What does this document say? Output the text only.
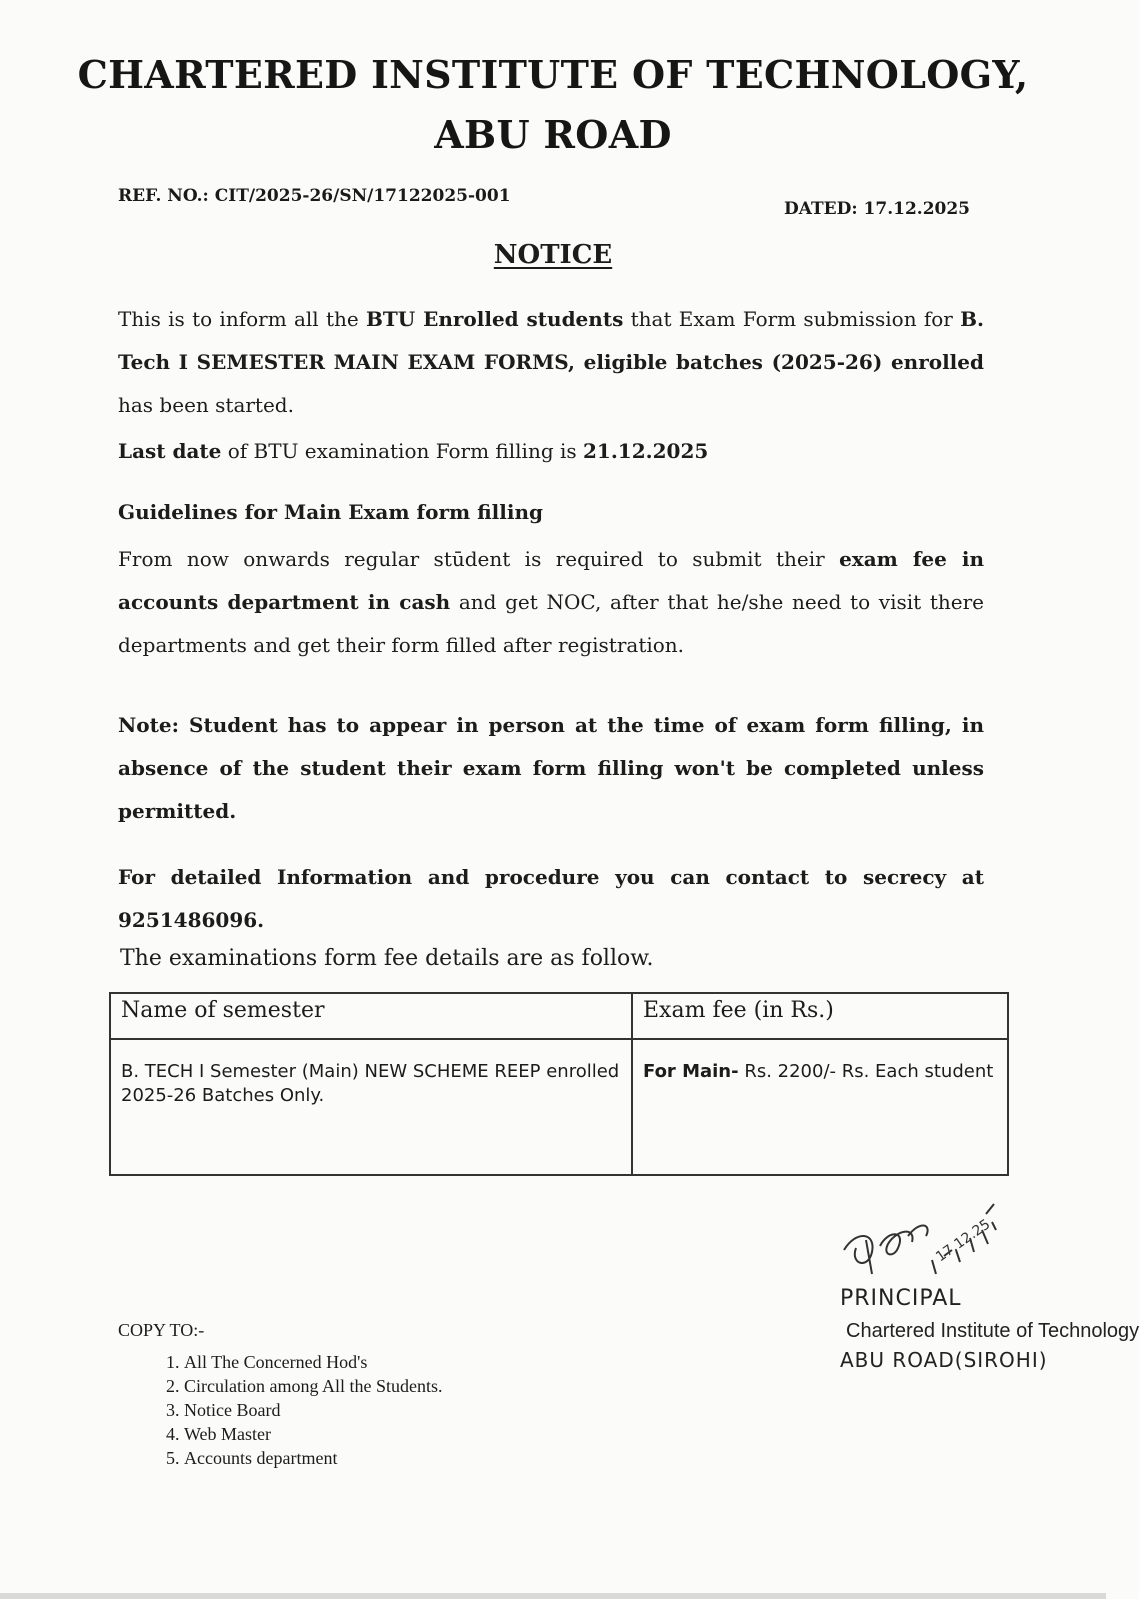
CHARTERED INSTITUTE OF TECHNOLOGY,
ABU ROAD
REF. NO.: CIT/2025-26/SN/17122025-001
DATED: 17.12.2025
NOTICE
This is to inform all the BTU Enrolled students that Exam Form submission for B. Tech I SEMESTER MAIN EXAM FORMS, eligible batches (2025-26) enrolled has been started.
Last date of BTU examination Form filling is 21.12.2025
Guidelines for Main Exam form filling
From now onwards regular stūdent is required to submit their exam fee in accounts department in cash and get NOC, after that he/she need to visit there departments and get their form filled after registration.
Note: Student has to appear in person at the time of exam form filling, in absence of the student their exam form filling won't be completed unless permitted.
For detailed Information and procedure you can contact to secrecy at 9251486096.
The examinations form fee details are as follow.
Name of semester	Exam fee (in Rs.)
B. TECH I Semester (Main) NEW SCHEME REEP enrolled 2025-26 Batches Only.	For Main- Rs. 2200/- Rs. Each student
17.12.25
PRINCIPAL
Chartered Institute of Technology
ABU ROAD(SIROHI)
COPY TO:-
1. All The Concerned Hod's
2. Circulation among All the Students.
3. Notice Board
4. Web Master
5. Accounts department
